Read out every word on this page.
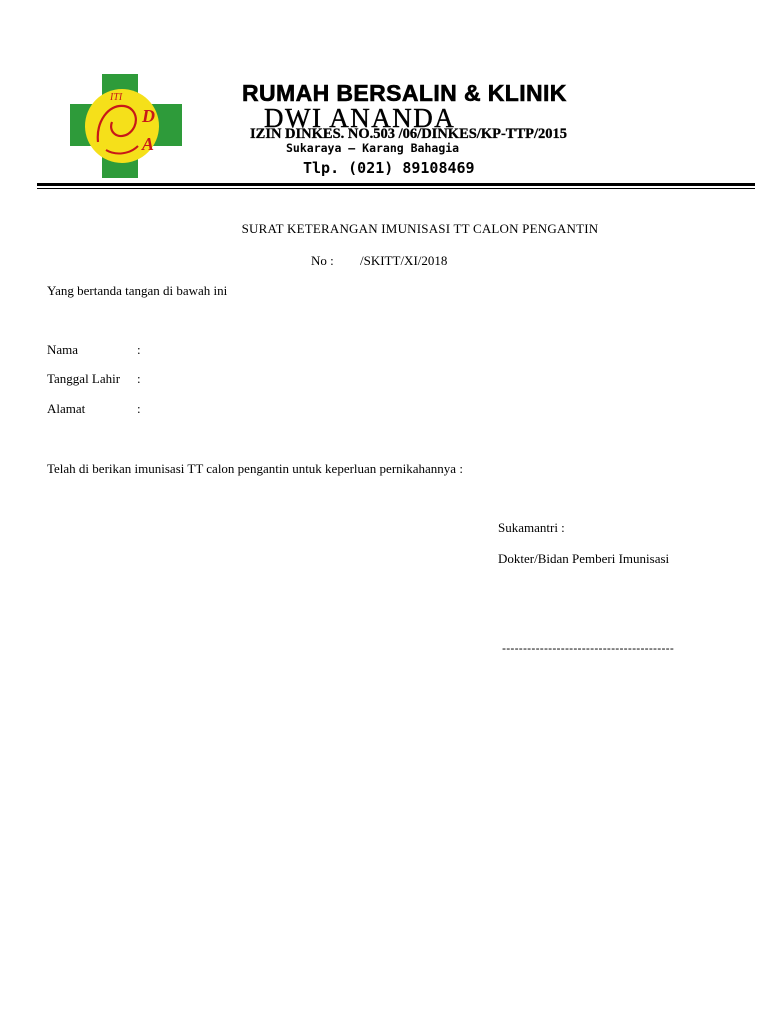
ITI
D
A
RUMAH BERSALIN & KLINIK
DWI ANANDA
IZIN DINKES. NO.503 /06/DINKES/KP-TTP/2015
Sukaraya – Karang Bahagia
Tlp. (021) 89108469
SURAT KETERANGAN IMUNISASI TT CALON PENGANTIN
No : /SKITT/XI/2018
Yang bertanda tangan di bawah ini
Nama	:
Tanggal Lahir :
Alamat	:
Telah di berikan imunisasi TT calon pengantin untuk keperluan pernikahannya :
Sukamantri :
Dokter/Bidan Pemberi Imunisasi
-----------------------------------------
